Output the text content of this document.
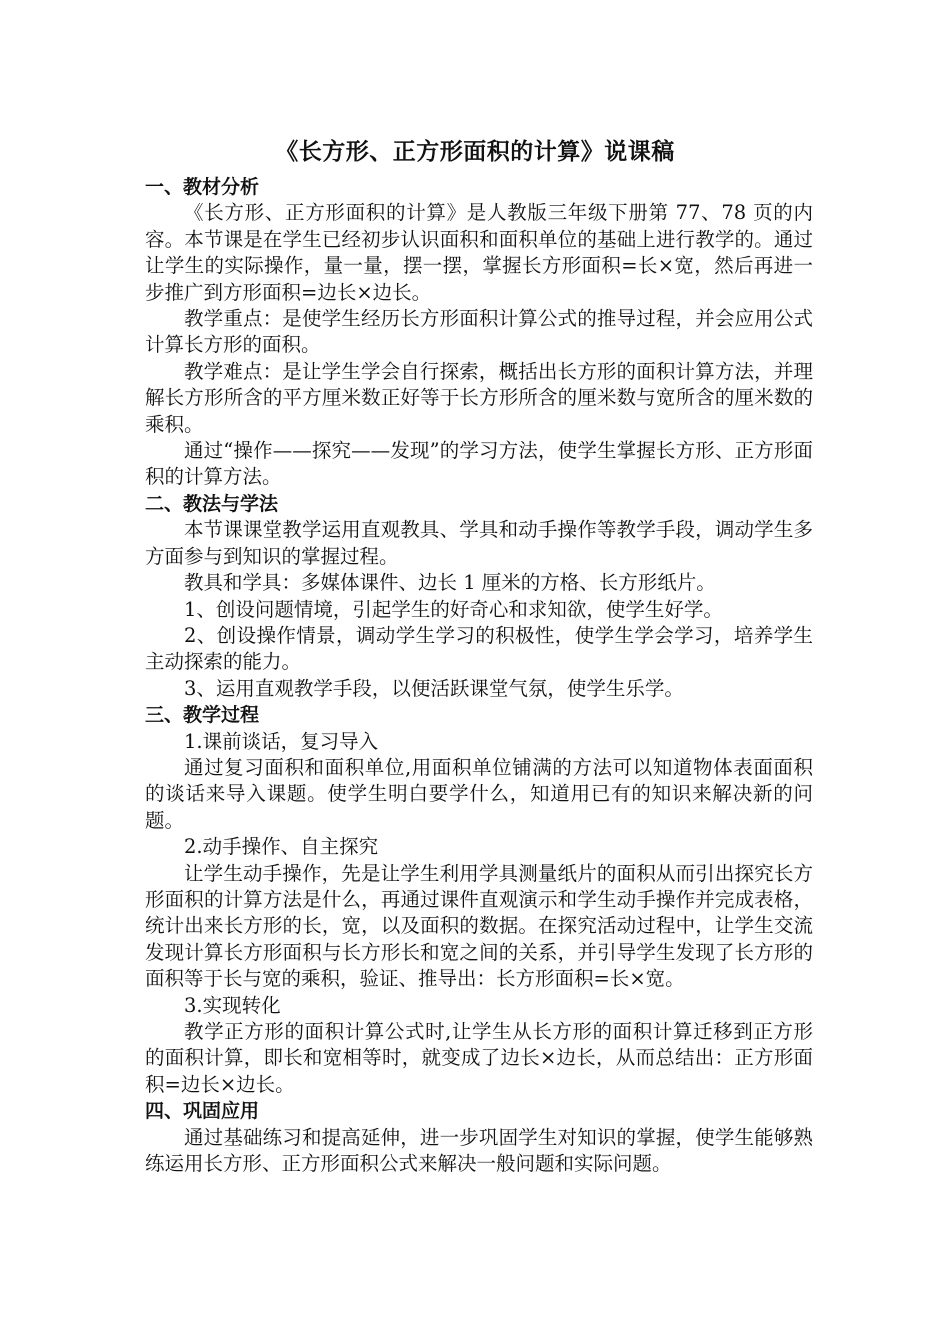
《长方形、正方形面积的计算》说课稿

一、教材分析

《长方形、正方形面积的计算》是人教版三年级下册第 77、78 页的内容。本节课是在学生已经初步认识面积和面积单位的基础上进行教学的。通过让学生的实际操作，量一量，摆一摆，掌握长方形面积=长×宽，然后再进一步推广到方形面积=边长×边长。

教学重点：是使学生经历长方形面积计算公式的推导过程，并会应用公式计算长方形的面积。

教学难点：是让学生学会自行探索，概括出长方形的面积计算方法，并理解长方形所含的平方厘米数正好等于长方形所含的厘米数与宽所含的厘米数的乘积。

通过“操作——探究——发现”的学习方法，使学生掌握长方形、正方形面积的计算方法。

二、教法与学法

本节课课堂教学运用直观教具、学具和动手操作等教学手段，调动学生多方面参与到知识的掌握过程。

教具和学具：多媒体课件、边长 1 厘米的方格、长方形纸片。

1、创设问题情境，引起学生的好奇心和求知欲，使学生好学。

2、创设操作情景，调动学生学习的积极性，使学生学会学习，培养学生主动探索的能力。

3、运用直观教学手段，以便活跃课堂气氛，使学生乐学。

三、教学过程

1.课前谈话，复习导入

通过复习面积和面积单位,用面积单位铺满的方法可以知道物体表面面积的谈话来导入课题。使学生明白要学什么，知道用已有的知识来解决新的问题。

2.动手操作、自主探究

让学生动手操作，先是让学生利用学具测量纸片的面积从而引出探究长方形面积的计算方法是什么，再通过课件直观演示和学生动手操作并完成表格，统计出来长方形的长，宽，以及面积的数据。在探究活动过程中，让学生交流发现计算长方形面积与长方形长和宽之间的关系，并引导学生发现了长方形的面积等于长与宽的乘积，验证、推导出：长方形面积=长×宽。

3.实现转化

教学正方形的面积计算公式时,让学生从长方形的面积计算迁移到正方形的面积计算，即长和宽相等时，就变成了边长×边长，从而总结出：正方形面积=边长×边长。

四、巩固应用

通过基础练习和提高延伸，进一步巩固学生对知识的掌握，使学生能够熟练运用长方形、正方形面积公式来解决一般问题和实际问题。
